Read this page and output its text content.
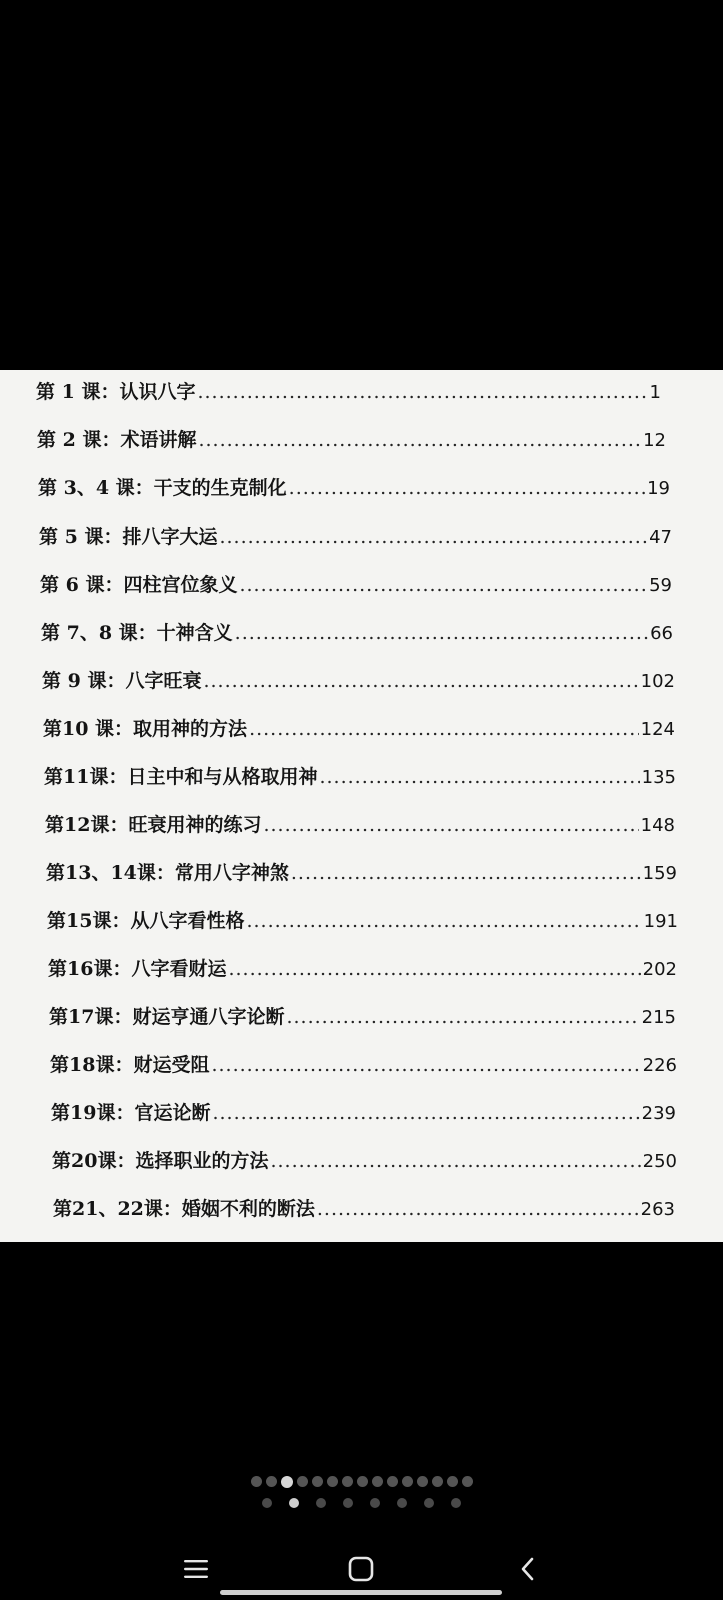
第 1 课：认识八字 .....	1
第 2 课：术语讲解 .....	12
第 3、4 课：干支的生克制化 .....	19
第 5 课：排八字大运 .....	47
第 6 课：四柱宫位象义 .....	59
第 7、8 课：十神含义 .....	66
第 9 课：八字旺衰 .....	102
第10 课：取用神的方法 .....	124
第11课：日主中和与从格取用神 .....	135
第12课：旺衰用神的练习 .....	148
第13、14课：常用八字神煞 .....	159
第15课：从八字看性格 .....	191
第16课：八字看财运 .....	202
第17课：财运亨通八字论断 .....	215
第18课：财运受阻 .....	226
第19课：官运论断 .....	239
第20课：选择职业的方法 .....	250
第21、22课：婚姻不利的断法 .....	263
